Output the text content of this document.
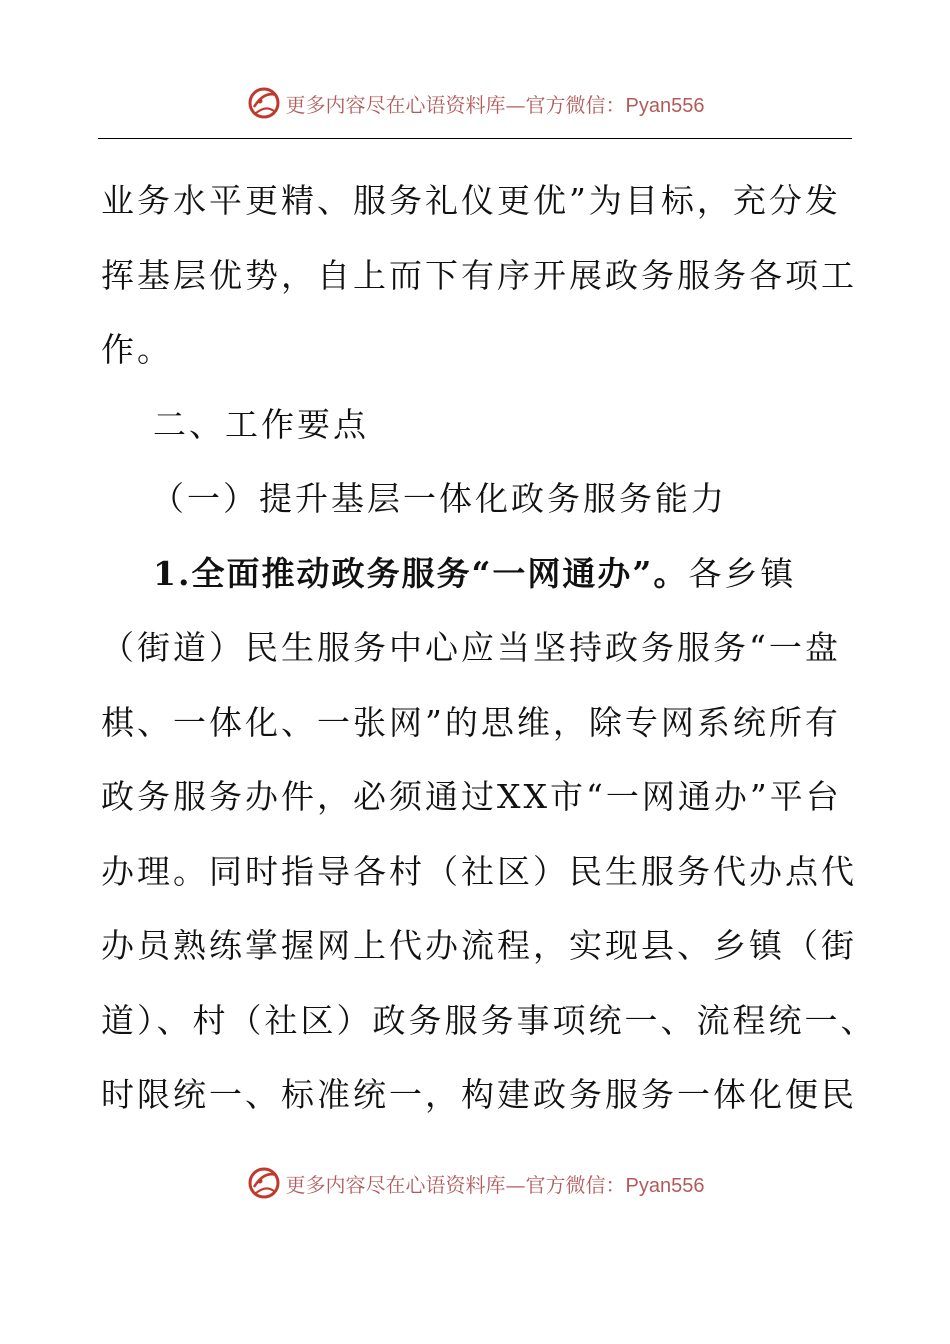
更多内容尽在心语资料库—官方微信：Pyan556
业务水平更精、服务礼仪更优”为目标，充分发
挥基层优势，自上而下有序开展政务服务各项工
作。
二、工作要点
（一）提升基层一体化政务服务能力
1.全面推动政务服务“一网通办”。各乡镇
（街道）民生服务中心应当坚持政务服务“一盘
棋、一体化、一张网”的思维，除专网系统所有
政务服务办件，必须通过XX市“一网通办”平台
办理。同时指导各村（社区）民生服务代办点代
办员熟练掌握网上代办流程，实现县、乡镇（街
道）、村（社区）政务服务事项统一、流程统一、
时限统一、标准统一，构建政务服务一体化便民
更多内容尽在心语资料库—官方微信：Pyan556
